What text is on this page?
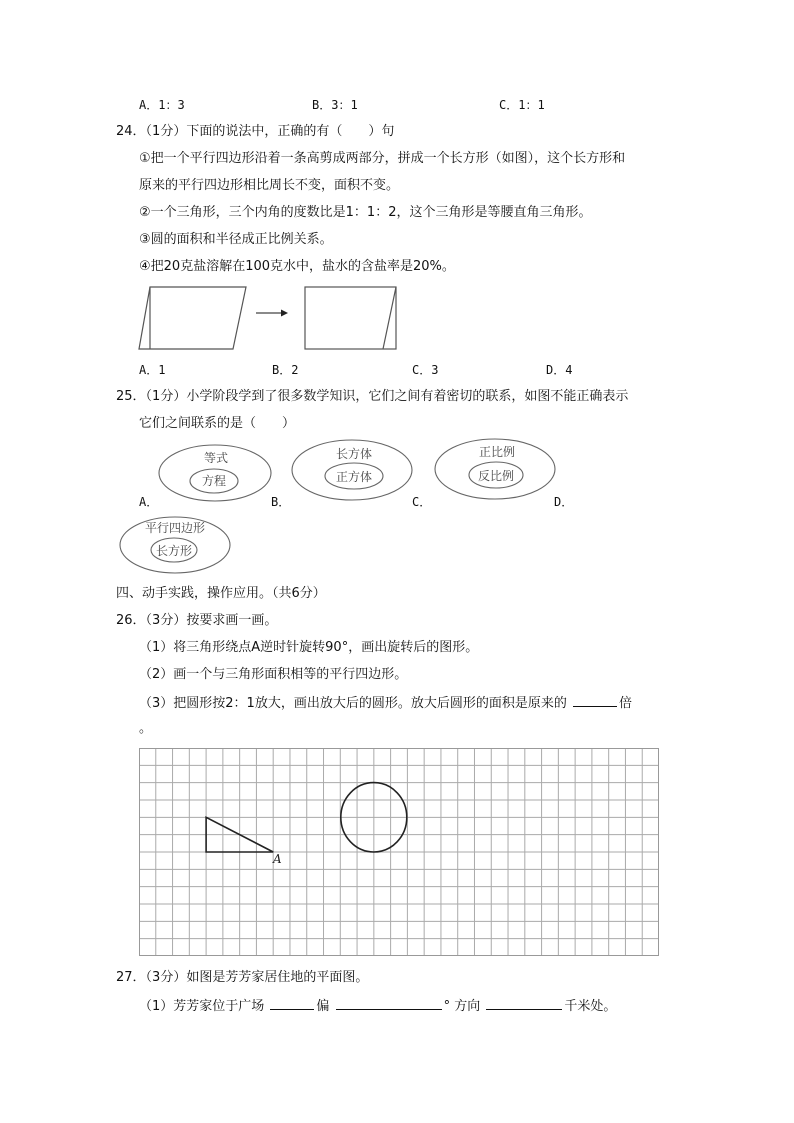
A．1：3	B．3：1	C．1：1
24．（1分）下面的说法中，正确的有（　　）句
①把一个平行四边形沿着一条高剪成两部分，拼成一个长方形（如图），这个长方形和
原来的平行四边形相比周长不变，面积不变。
②一个三角形，三个内角的度数比是1：1：2，这个三角形是等腰直角三角形。
③圆的面积和半径成正比例关系。
④把20克盐溶解在100克水中，盐水的含盐率是20%。
A．1	B．2	C．3	D．4
25．（1分）小学阶段学到了很多数学知识，它们之间有着密切的联系，如图不能正确表示
它们之间联系的是（　　）
等式
方程
长方体
正方体
正比例
反比例
平行四边形
长方形
A．	B．	C．	D．
四、动手实践，操作应用。（共6分）
26．（3分）按要求画一画。
（1）将三角形绕点A逆时针旋转90°，画出旋转后的图形。
（2）画一个与三角形面积相等的平行四边形。
（3）把圆形按2：1放大，画出放大后的圆形。放大后圆形的面积是原来的	倍
。
A
27．（3分）如图是芳芳家居住地的平面图。
（1）芳芳家位于广场	偏	° 方向	千米处。
